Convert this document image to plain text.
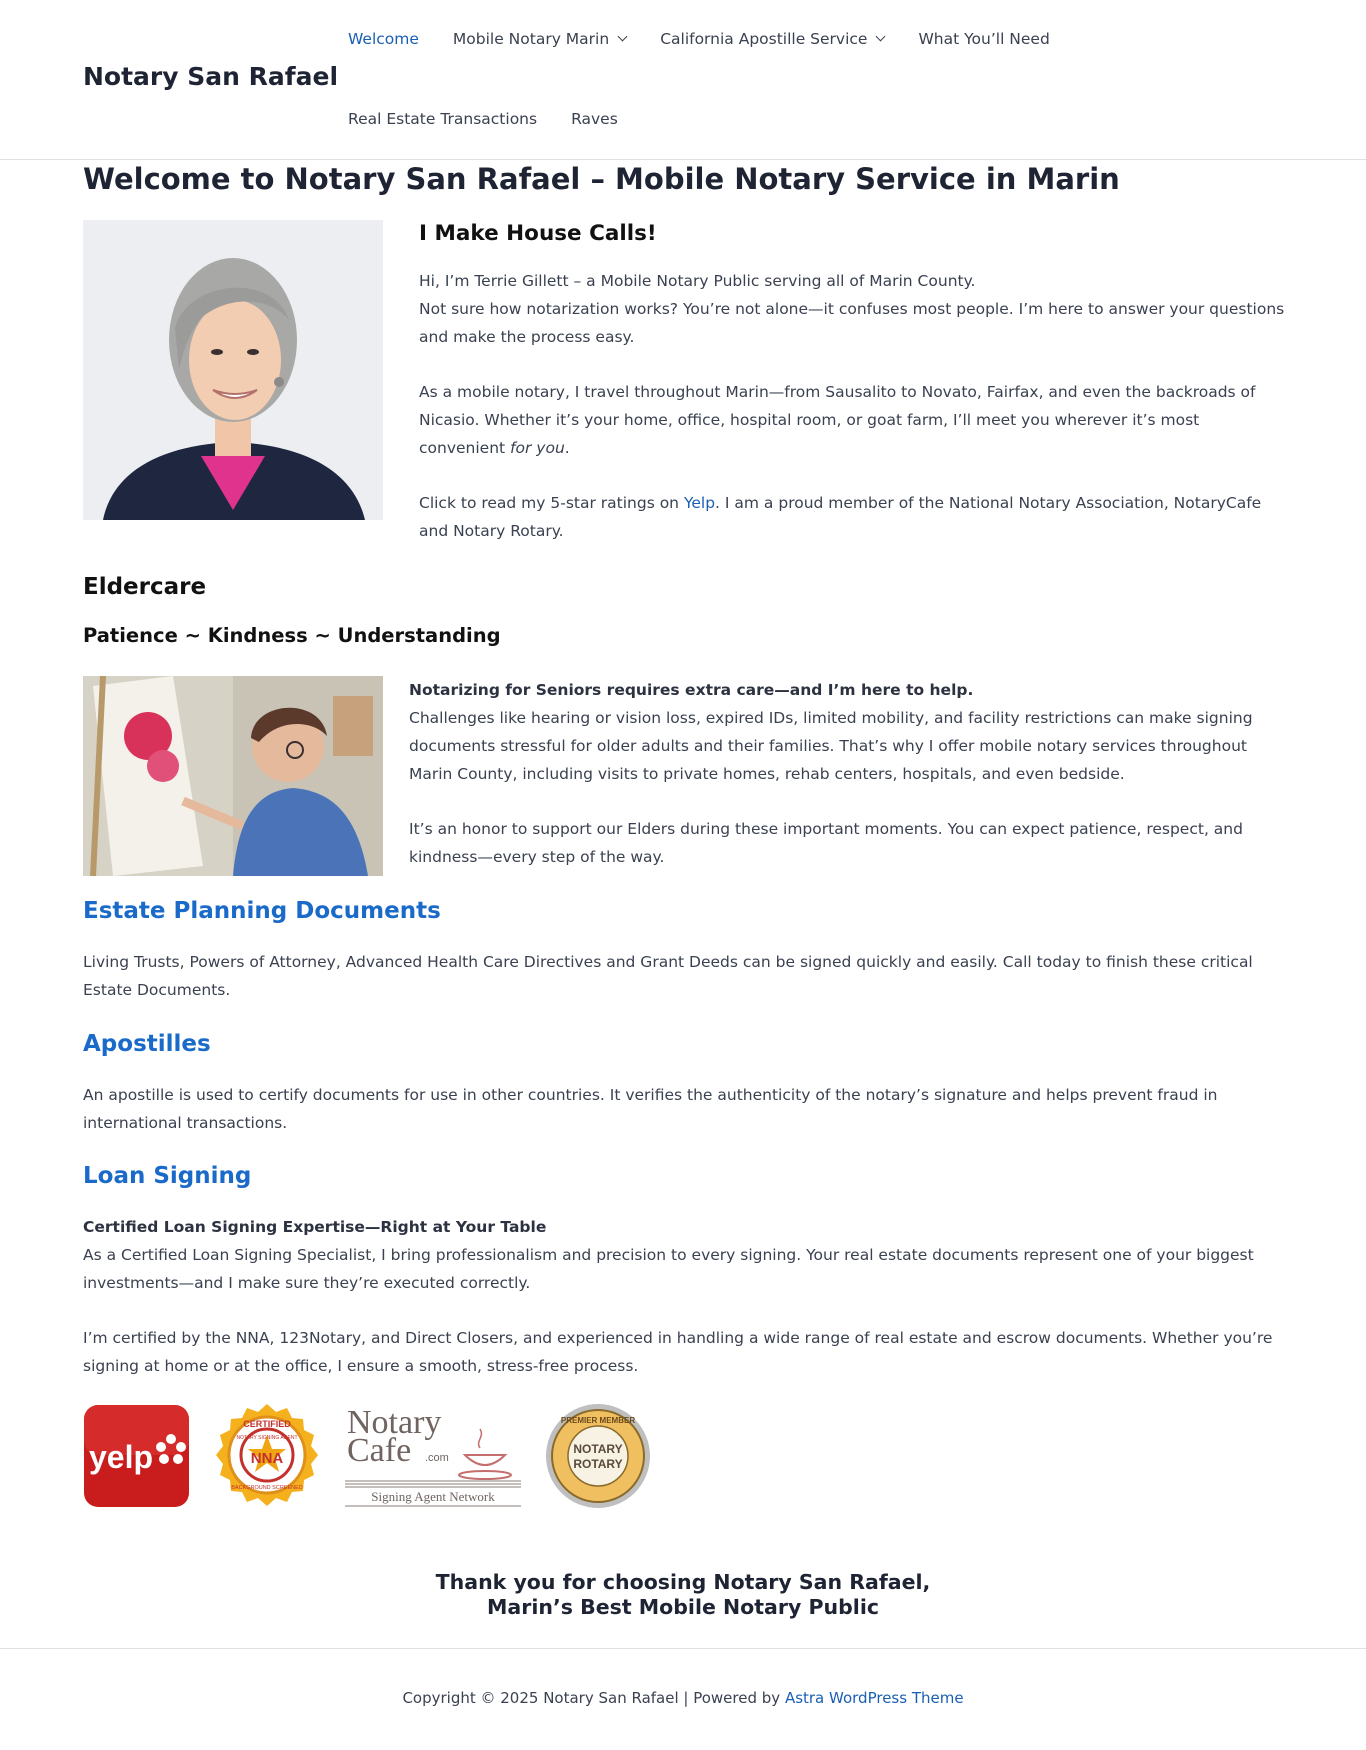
Notary San Rafael
Welcome Mobile Notary Marin	California Apostille Service	What You’ll Need
Real Estate Transactions Raves
Welcome to Notary San Rafael – Mobile Notary Service in Marin
I Make House Calls!

Hi, I’m Terrie Gillett – a Mobile Notary Public serving all of Marin County.
Not sure how notarization works? You’re not alone—it confuses most people. I’m here to answer your questions and make the process easy.

As a mobile notary, I travel throughout Marin—from Sausalito to Novato, Fairfax, and even the backroads of Nicasio. Whether it’s your home, office, hospital room, or goat farm, I’ll meet you wherever it’s most convenient for you.

Click to read my 5-star ratings on Yelp. I am a proud member of the National Notary Association, NotaryCafe and Notary Rotary.

Eldercare
Patience ~ Kindness ~ Understanding

Notarizing for Seniors requires extra care—and I’m here to help.
Challenges like hearing or vision loss, expired IDs, limited mobility, and facility restrictions can make signing documents stressful for older adults and their families. That’s why I offer mobile notary services throughout Marin County, including visits to private homes, rehab centers, hospitals, and even bedside.

It’s an honor to support our Elders during these important moments. You can expect patience, respect, and kindness—every step of the way.

Estate Planning Documents

Living Trusts, Powers of Attorney, Advanced Health Care Directives and Grant Deeds can be signed quickly and easily. Call today to finish these critical Estate Documents.

Apostilles

An apostille is used to certify documents for use in other countries. It verifies the authenticity of the notary’s signature and helps prevent fraud in international transactions.

Loan Signing

Certified Loan Signing Expertise—Right at Your Table
As a Certified Loan Signing Specialist, I bring professionalism and precision to every signing. Your real estate documents represent one of your biggest investments—and I make sure they’re executed correctly.

I’m certified by the NNA, 123Notary, and Direct Closers, and experienced in handling a wide range of real estate and escrow documents. Whether you’re signing at home or at the office, I ensure a smooth, stress-free process.

yelp	NNA
CERTIFIED
NOTARY SIGNING AGENT
BACKGROUND SCREENED
Notary
Cafe .com
Signing Agent Network
PREMIER MEMBER
NOTARY
ROTARY
Thank you for choosing Notary San Rafael,
Marin’s Best Mobile Notary Public
Copyright © 2025 Notary San Rafael | Powered by Astra WordPress Theme
